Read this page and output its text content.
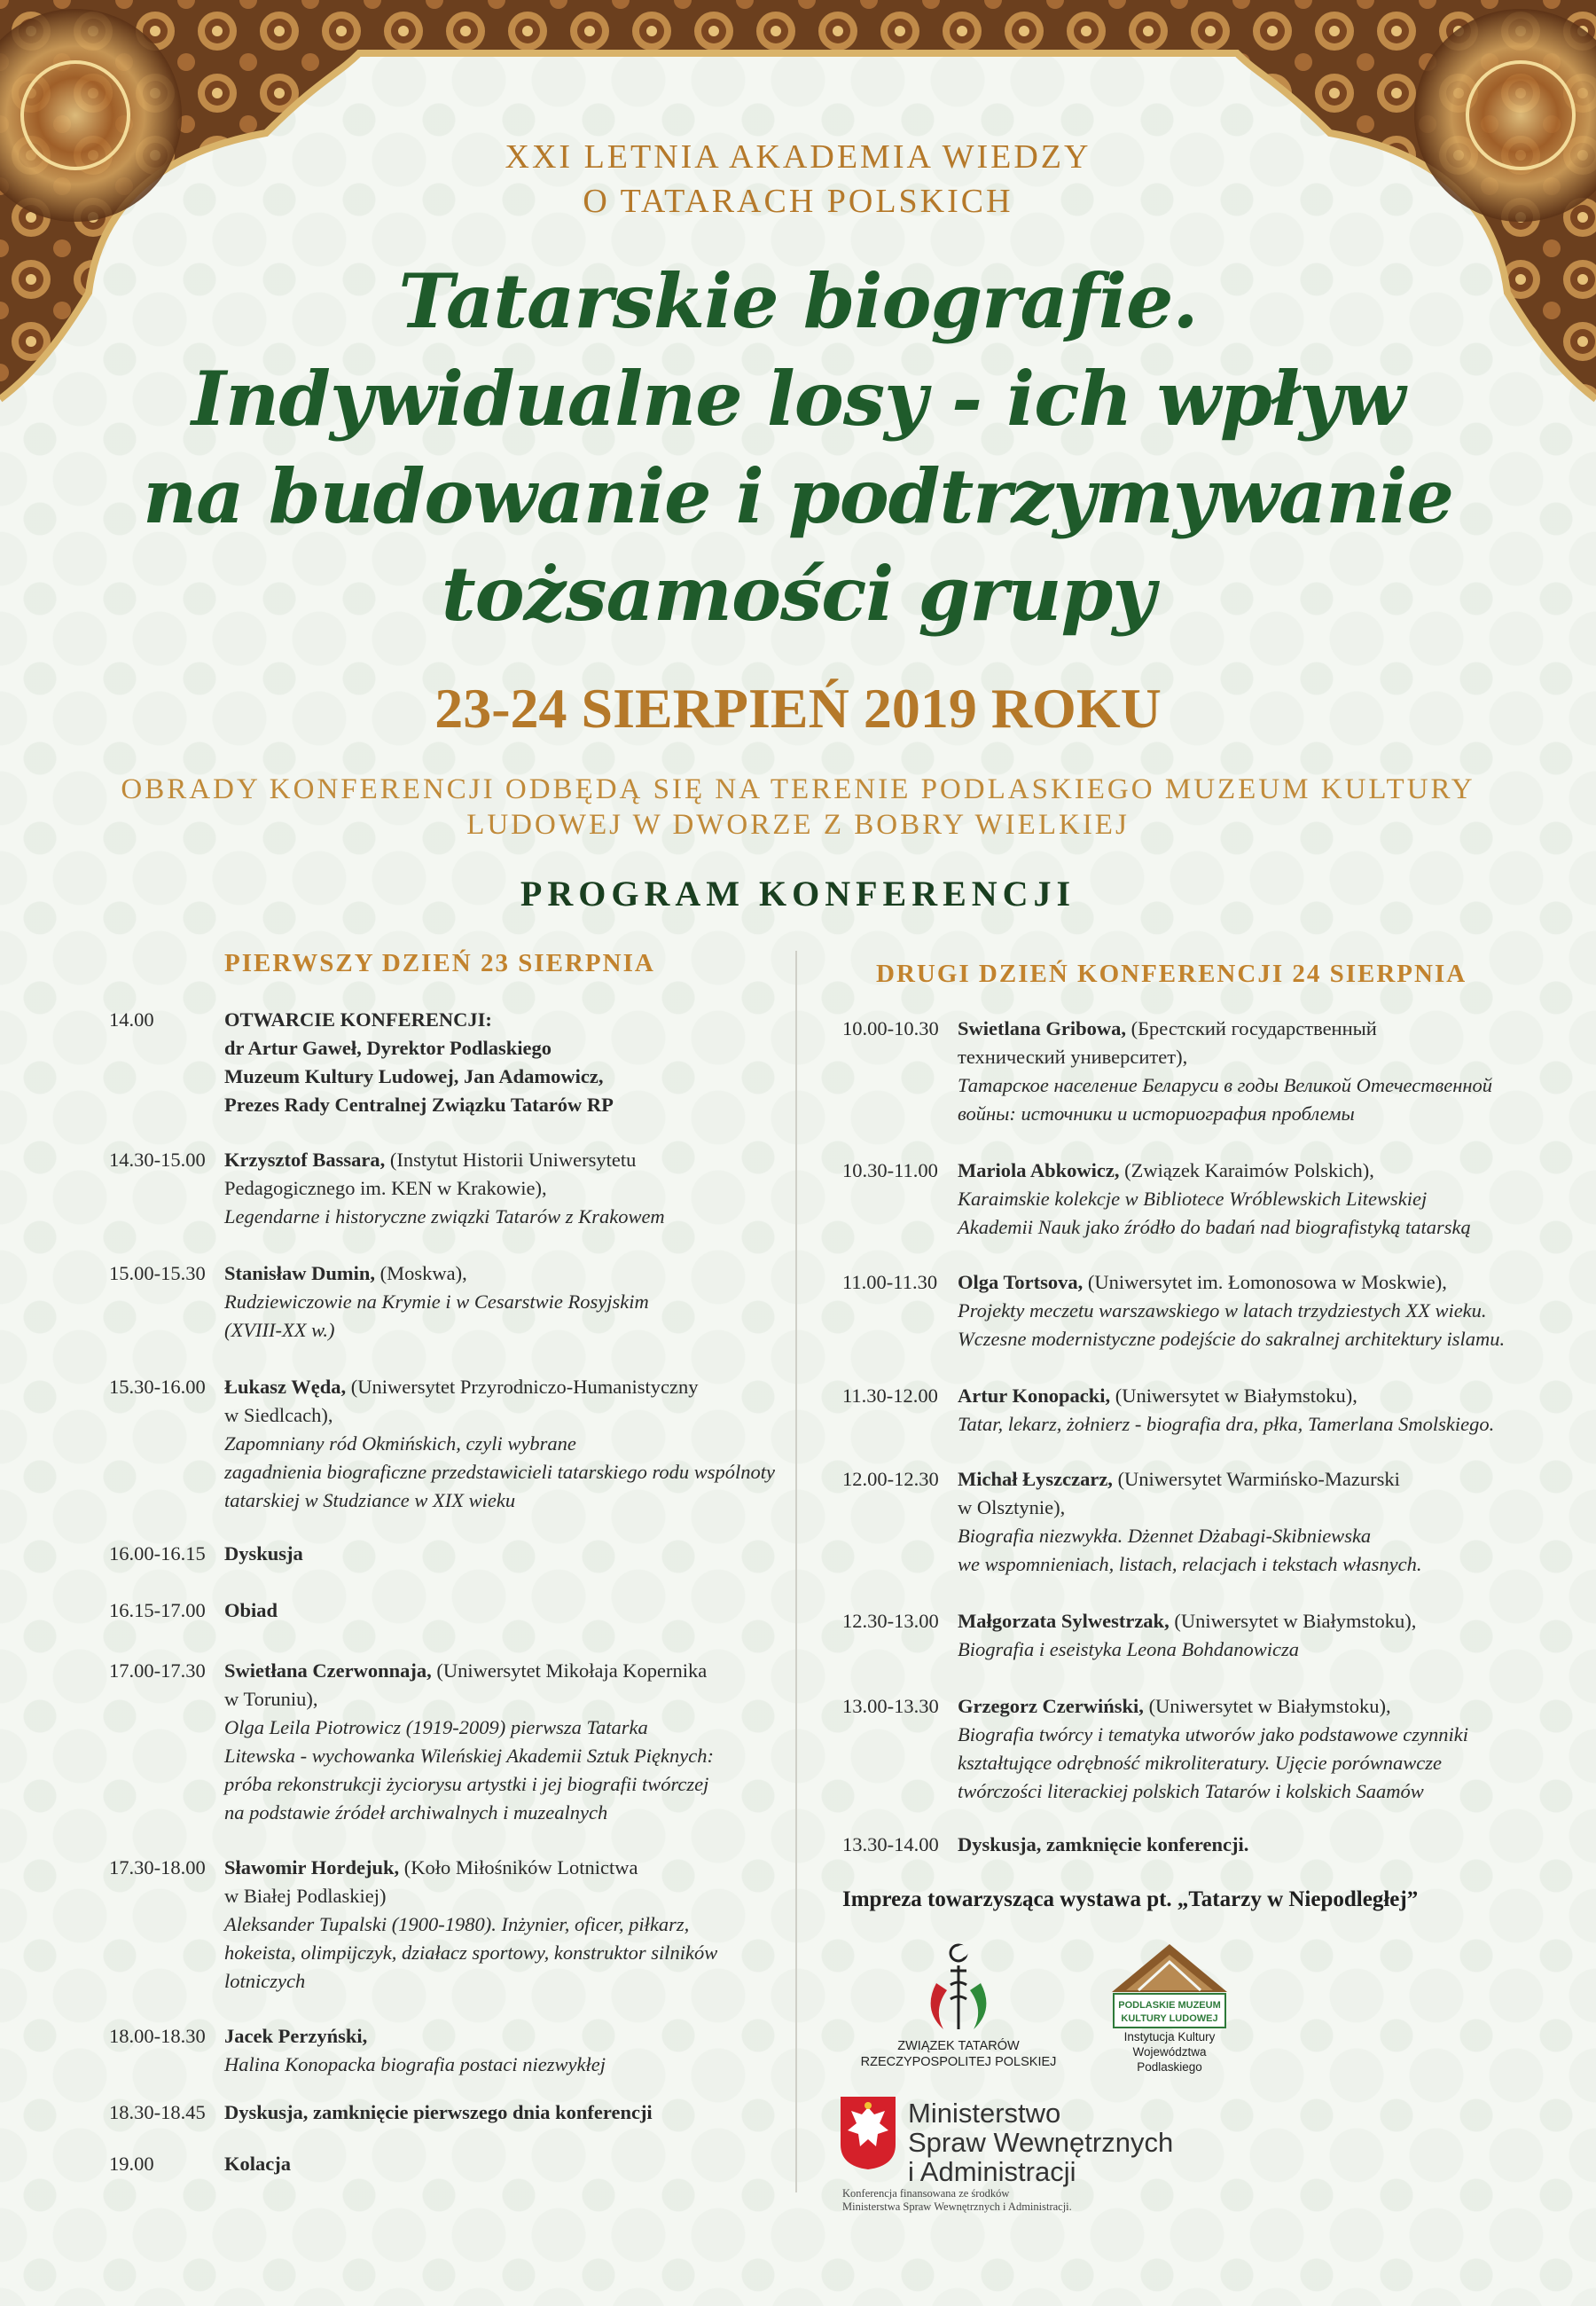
XXI LETNIA AKADEMIA WIEDZY
O TATARACH POLSKICH
Tatarskie biografie.
Indywidualne losy - ich wpływ
na budowanie i podtrzymywanie
tożsamości grupy
23-24 SIERPIEŃ 2019 ROKU
OBRADY KONFERENCJI ODBĘDĄ SIĘ NA TERENIE PODLASKIEGO MUZEUM KULTURY
LUDOWEJ W DWORZE Z BOBRY WIELKIEJ
PROGRAM KONFERENCJI
PIERWSZY DZIEŃ 23 SIERPNIA
14.00	OTWARCIE KONFERENCJI:
dr Artur Gaweł, Dyrektor Podlaskiego
Muzeum Kultury Ludowej, Jan Adamowicz,
Prezes Rady Centralnej Związku Tatarów RP
14.30-15.00 Krzysztof Bassara, (Instytut Historii Uniwersytetu
Pedagogicznego im. KEN w Krakowie),
Legendarne i historyczne związki Tatarów z Krakowem
15.00-15.30 Stanisław Dumin, (Moskwa),
Rudziewiczowie na Krymie i w Cesarstwie Rosyjskim
(XVIII-XX w.)
15.30-16.00 Łukasz Węda, (Uniwersytet Przyrodniczo-Humanistyczny
w Siedlcach),
Zapomniany ród Okmińskich, czyli wybrane
zagadnienia biograficzne przedstawicieli tatarskiego rodu wspólnoty
tatarskiej w Studziance w XIX wieku
16.00-16.15 Dyskusja
16.15-17.00 Obiad
17.00-17.30 Swietłana Czerwonnaja, (Uniwersytet Mikołaja Kopernika
w Toruniu),
Olga Leila Piotrowicz (1919-2009) pierwsza Tatarka
Litewska - wychowanka Wileńskiej Akademii Sztuk Pięknych:
próba rekonstrukcji życiorysu artystki i jej biografii twórczej
na podstawie źródeł archiwalnych i muzealnych
17.30-18.00 Sławomir Hordejuk, (Koło Miłośników Lotnictwa
w Białej Podlaskiej)
Aleksander Tupalski (1900-1980). Inżynier, oficer, piłkarz,
hokeista, olimpijczyk, działacz sportowy, konstruktor silników
lotniczych
18.00-18.30 Jacek Perzyński,
Halina Konopacka biografia postaci niezwykłej
18.30-18.45 Dyskusja, zamknięcie pierwszego dnia konferencji
19.00	Kolacja
DRUGI DZIEŃ KONFERENCJI 24 SIERPNIA
10.00-10.30 Swietlana Gribowa, (Брестский государственный
технический университет),
Татарское население Беларуси в годы Великой Отечественной
войны: источники и историография проблемы
10.30-11.00 Mariola Abkowicz, (Związek Karaimów Polskich),
Karaimskie kolekcje w Bibliotece Wróblewskich Litewskiej
Akademii Nauk jako źródło do badań nad biografistyką tatarską
11.00-11.30	Olga Tortsova, (Uniwersytet im. Łomonosowa w Moskwie),
Projekty meczetu warszawskiego w latach trzydziestych XX wieku.
Wczesne modernistyczne podejście do sakralnej architektury islamu.
11.30-12.00 Artur Konopacki, (Uniwersytet w Białymstoku),
Tatar, lekarz, żołnierz - biografia dra, płka, Tamerlana Smolskiego.
12.00-12.30 Michał Łyszczarz, (Uniwersytet Warmińsko-Mazurski
w Olsztynie),
Biografia niezwykła. Dżennet Dżabagi-Skibniewska
we wspomnieniach, listach, relacjach i tekstach własnych.
12.30-13.00 Małgorzata Sylwestrzak, (Uniwersytet w Białymstoku),
Biografia i eseistyka Leona Bohdanowicza
13.00-13.30 Grzegorz Czerwiński, (Uniwersytet w Białymstoku),
Biografia twórcy i tematyka utworów jako podstawowe czynniki
kształtujące odrębność mikroliteratury. Ujęcie porównawcze
twórczości literackiej polskich Tatarów i kolskich Saamów
13.30-14.00 Dyskusja, zamknięcie konferencji.
Impreza towarzysząca wystawa pt. „Tatarzy w Niepodległej”
ZWIĄZEK TATARÓW
RZECZYPOSPOLITEJ POLSKIEJ
PODLASKIE MUZEUM
KULTURY LUDOWEJ
Instytucja Kultury
Województwa
Podlaskiego
Ministerstwo
Spraw Wewnętrznych
i Administracji
Konferencja finansowana ze środków
Ministerstwa Spraw Wewnętrznych i Administracji.
